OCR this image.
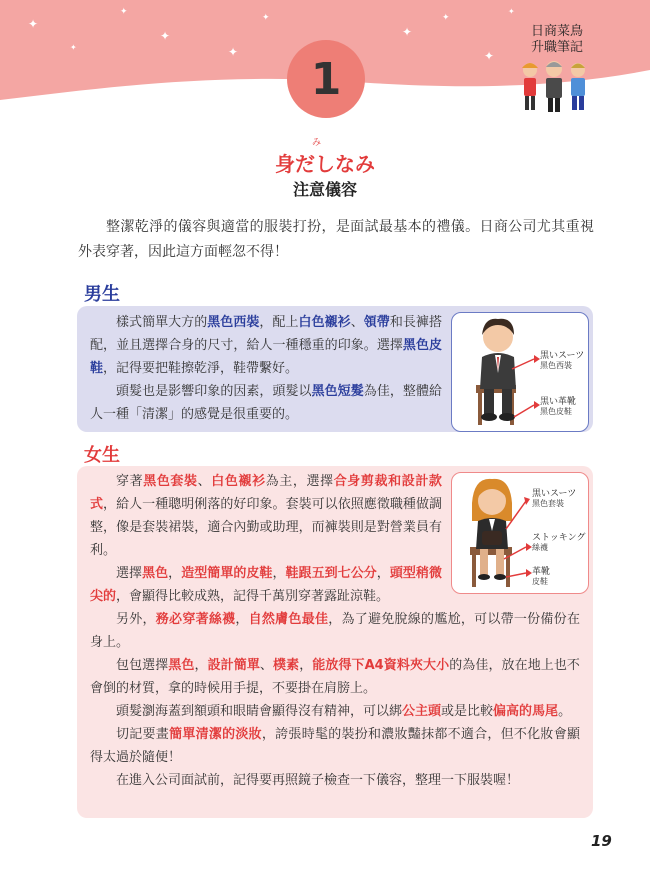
✦
✦
✦
✦
✦
✦
✦
✦
✦
✦
日商菜鳥
升職筆記
1
み
身だしなみ
注意儀容
整潔乾淨的儀容與適當的服裝打扮，是面試最基本的禮儀。日商公司尤其重視外表穿著，因此這方面輕忽不得！
男生

樣式簡單大方的黑色西裝，配上白色襯衫、領帶和長褲搭配，並且選擇合身的尺寸，給人一種穩重的印象。選擇黑色皮鞋，記得要把鞋擦乾淨，鞋帶繫好。

頭髮也是影響印象的因素，頭髮以黑色短髮為佳，整體給人一種「清潔」的感覺是很重要的。

黒いスーツ
黑色西裝
黒い革靴
黑色皮鞋
女生

穿著黑色套裝、白色襯衫為主，選擇合身剪裁和設計款式，給人一種聰明俐落的好印象。套裝可以依照應徵職種做調整，像是套裝裙裝，適合內勤或助理，而褲裝則是對營業員有利。

選擇黑色，造型簡單的皮鞋，鞋跟五到七公分，頭型稍微尖的，會顯得比較成熟，記得千萬別穿著露趾涼鞋。

另外，務必穿著絲襪，自然膚色最佳，為了避免脫線的尷尬，可以帶一份備份在身上。

包包選擇黑色，設計簡單、樸素，能放得下A4資料夾大小的為佳，放在地上也不會倒的材質，拿的時候用手提，不要掛在肩膀上。

頭髮瀏海蓋到額頭和眼睛會顯得沒有精神，可以綁公主頭或是比較偏高的馬尾。

切記要畫簡單清潔的淡妝，誇張時髦的裝扮和濃妝豔抹都不適合，但不化妝會顯得太過於隨便！

在進入公司面試前，記得要再照鏡子檢查一下儀容，整理一下服裝喔！

黒いスーツ
黑色套裝
ストッキング
絲襪
革靴
皮鞋
19
